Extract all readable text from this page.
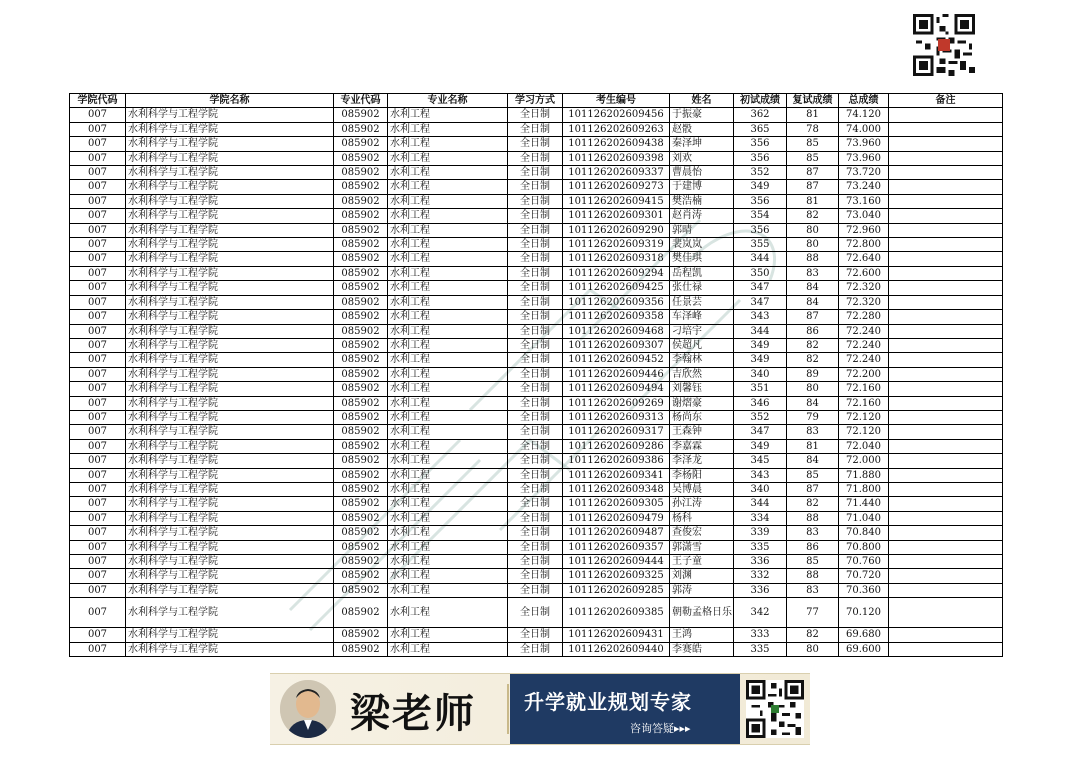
学院代码	学院名称	专业代码	专业名称	学习方式	考生编号	姓名	初试成绩	复试成绩	总成绩	备注
007	水利科学与工程学院	085902	水利工程	全日制	101126202609456	于振豪	362	81	74.120	
007	水利科学与工程学院	085902	水利工程	全日制	101126202609263	赵骰	365	78	74.000	
007	水利科学与工程学院	085902	水利工程	全日制	101126202609438	秦泽坤	356	85	73.960	
007	水利科学与工程学院	085902	水利工程	全日制	101126202609398	刘欢	356	85	73.960	
007	水利科学与工程学院	085902	水利工程	全日制	101126202609337	曹晨怡	352	87	73.720	
007	水利科学与工程学院	085902	水利工程	全日制	101126202609273	于建博	349	87	73.240	
007	水利科学与工程学院	085902	水利工程	全日制	101126202609415	樊浩楠	356	81	73.160	
007	水利科学与工程学院	085902	水利工程	全日制	101126202609301	赵肖涛	354	82	73.040	
007	水利科学与工程学院	085902	水利工程	全日制	101126202609290	郭晴	356	80	72.960	
007	水利科学与工程学院	085902	水利工程	全日制	101126202609319	裴岚岚	355	80	72.800	
007	水利科学与工程学院	085902	水利工程	全日制	101126202609318	樊佳琪	344	88	72.640	
007	水利科学与工程学院	085902	水利工程	全日制	101126202609294	岳程凯	350	83	72.600	
007	水利科学与工程学院	085902	水利工程	全日制	101126202609425	张仕禄	347	84	72.320	
007	水利科学与工程学院	085902	水利工程	全日制	101126202609356	任景芸	347	84	72.320	
007	水利科学与工程学院	085902	水利工程	全日制	101126202609358	车泽峰	343	87	72.280	
007	水利科学与工程学院	085902	水利工程	全日制	101126202609468	刁培宇	344	86	72.240	
007	水利科学与工程学院	085902	水利工程	全日制	101126202609307	侯超凡	349	82	72.240	
007	水利科学与工程学院	085902	水利工程	全日制	101126202609452	李翰林	349	82	72.240	
007	水利科学与工程学院	085902	水利工程	全日制	101126202609446	吉欣然	340	89	72.200	
007	水利科学与工程学院	085902	水利工程	全日制	101126202609494	刘馨钰	351	80	72.160	
007	水利科学与工程学院	085902	水利工程	全日制	101126202609269	谢熠豪	346	84	72.160	
007	水利科学与工程学院	085902	水利工程	全日制	101126202609313	杨尚东	352	79	72.120	
007	水利科学与工程学院	085902	水利工程	全日制	101126202609317	王森钟	347	83	72.120	
007	水利科学与工程学院	085902	水利工程	全日制	101126202609286	李嘉霖	349	81	72.040	
007	水利科学与工程学院	085902	水利工程	全日制	101126202609386	李泽龙	345	84	72.000	
007	水利科学与工程学院	085902	水利工程	全日制	101126202609341	李杨阳	343	85	71.880	
007	水利科学与工程学院	085902	水利工程	全日制	101126202609348	吴博晨	340	87	71.800	
007	水利科学与工程学院	085902	水利工程	全日制	101126202609305	孙江涛	344	82	71.440	
007	水利科学与工程学院	085902	水利工程	全日制	101126202609479	杨科	334	88	71.040	
007	水利科学与工程学院	085902	水利工程	全日制	101126202609487	查俊宏	339	83	70.840	
007	水利科学与工程学院	085902	水利工程	全日制	101126202609357	郭潇雪	335	86	70.800	
007	水利科学与工程学院	085902	水利工程	全日制	101126202609444	王子童	336	85	70.760	
007	水利科学与工程学院	085902	水利工程	全日制	101126202609325	刘渊	332	88	70.720	
007	水利科学与工程学院	085902	水利工程	全日制	101126202609285	郭涛	336	83	70.360	
007	水利科学与工程学院	085902	水利工程	全日制	101126202609385	朝勒孟格日乐	342	77	70.120	
007	水利科学与工程学院	085902	水利工程	全日制	101126202609431	王鸿	333	82	69.680	
007	水利科学与工程学院	085902	水利工程	全日制	101126202609440	李赛皓	335	80	69.600	
梁老师 升学就业规划专家
咨询答疑▸▸▸
